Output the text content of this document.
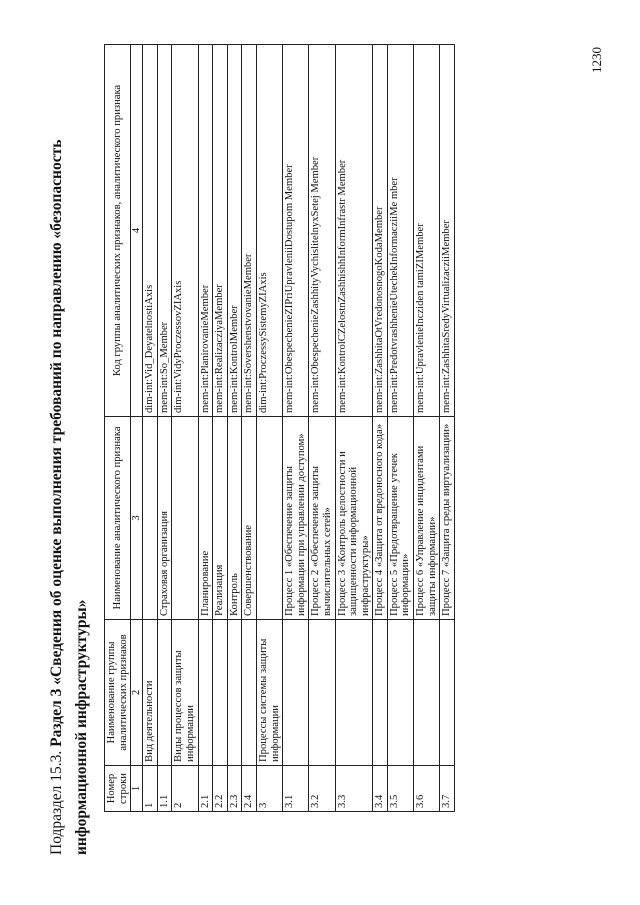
Подраздел 15.3. Раздел 3 «Сведения об оценке выполнения требований по направлению «безопасность информационной инфраструктуры»	Номер строки	Наименование группы аналитических признаков	Наименование аналитического признака	Код группы аналитических признаков, аналитического признака
1	2	3	4
1	Вид деятельности		dim-int:Vid_DeyatelnostiAxis
1.1		Страховая организация	mem-int:So_Member
2	Виды процессов защиты информации		dim-int:VidyProczessovZIAxis
2.1		Планирование	mem-int:PlanirovanieMember
2.2		Реализация	mem-int:RealizacziyaMember
2.3		Контроль	mem-int:KontrolMember
2.4		Совершенствование	mem-int:SovershenstvovanieMember
3	Процессы системы защиты информации		dim-int:ProczessySistemyZIAxis
3.1		Процесс 1 «Обеспечение защиты информации при управлении доступом»	mem-int:ObespechenieZIPriUpravleniiDostupom Member
3.2		Процесс 2 «Обеспечение защиты вычислительных сетей»	mem-int:ObespechenieZashhityVychislitelnyxSetej Member
3.3		Процесс 3 «Контроль целостности и защищенности информационной инфраструктуры»	mem-int:KontrolCZelostnZashhishhInformInfrastr Member
3.4		Процесс 4 «Защита от вредоносного кода»	mem-int:ZashhitaOtVredonosnogoKodaMember
3.5		Процесс 5 «Предотвращение утечек информации»	mem-int:PredotvrashhenieUtechekInformacziiMe mber
3.6		Процесс 6 «Управление инцидентами защиты информации»	mem-int:UpravlenieIncziden tamiZIMember
3.7		Процесс 7 «Защита среды виртуализации»	mem-int:ZashhitaSredyVirtualizacziiMember
1230
